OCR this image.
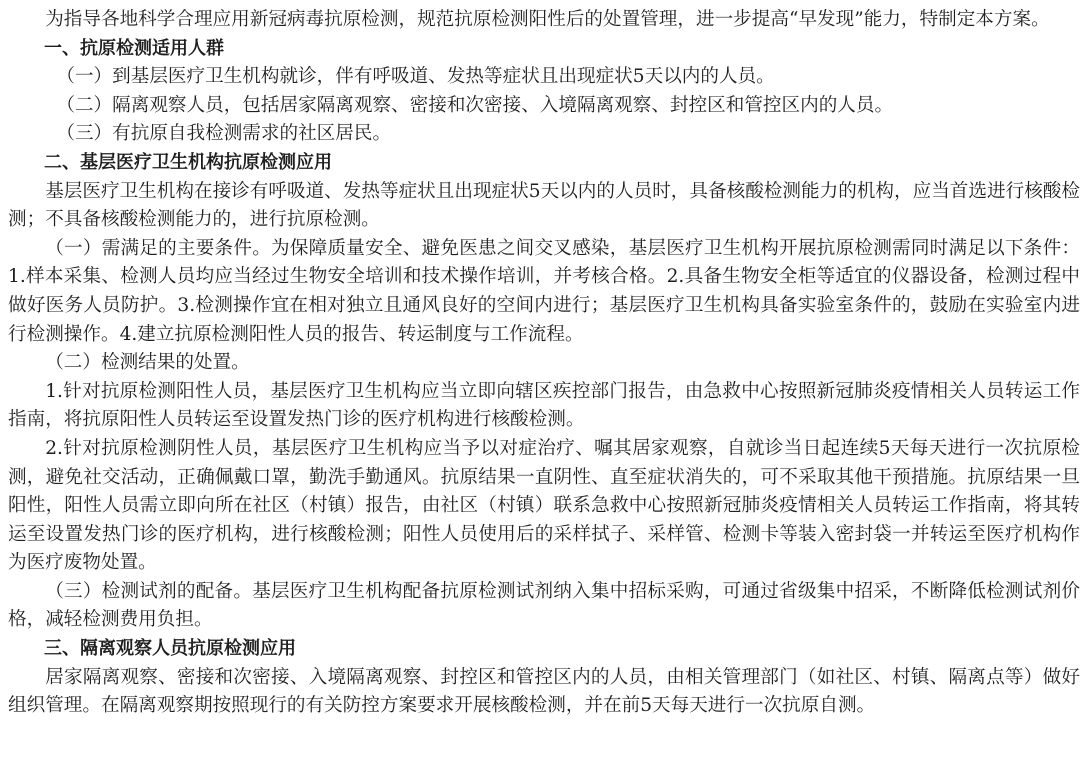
为指导各地科学合理应用新冠病毒抗原检测，规范抗原检测阳性后的处置管理，进一步提高“早发现”能力，特制定本方案。

一、抗原检测适用人群

（一）到基层医疗卫生机构就诊，伴有呼吸道、发热等症状且出现症状5天以内的人员。

（二）隔离观察人员，包括居家隔离观察、密接和次密接、入境隔离观察、封控区和管控区内的人员。

（三）有抗原自我检测需求的社区居民。

二、基层医疗卫生机构抗原检测应用

基层医疗卫生机构在接诊有呼吸道、发热等症状且出现症状5天以内的人员时，具备核酸检测能力的机构，应当首选进行核酸检测；不具备核酸检测能力的，进行抗原检测。

（一）需满足的主要条件。为保障质量安全、避免医患之间交叉感染，基层医疗卫生机构开展抗原检测需同时满足以下条件：1.样本采集、检测人员均应当经过生物安全培训和技术操作培训，并考核合格。2.具备生物安全柜等适宜的仪器设备，检测过程中做好医务人员防护。3.检测操作宜在相对独立且通风良好的空间内进行；基层医疗卫生机构具备实验室条件的，鼓励在实验室内进行检测操作。4.建立抗原检测阳性人员的报告、转运制度与工作流程。

（二）检测结果的处置。

1.针对抗原检测阳性人员，基层医疗卫生机构应当立即向辖区疾控部门报告，由急救中心按照新冠肺炎疫情相关人员转运工作指南，将抗原阳性人员转运至设置发热门诊的医疗机构进行核酸检测。

2.针对抗原检测阴性人员，基层医疗卫生机构应当予以对症治疗、嘱其居家观察，自就诊当日起连续5天每天进行一次抗原检测，避免社交活动，正确佩戴口罩，勤洗手勤通风。抗原结果一直阴性、直至症状消失的，可不采取其他干预措施。抗原结果一旦阳性，阳性人员需立即向所在社区（村镇）报告，由社区（村镇）联系急救中心按照新冠肺炎疫情相关人员转运工作指南，将其转运至设置发热门诊的医疗机构，进行核酸检测；阳性人员使用后的采样拭子、采样管、检测卡等装入密封袋一并转运至医疗机构作为医疗废物处置。

（三）检测试剂的配备。基层医疗卫生机构配备抗原检测试剂纳入集中招标采购，可通过省级集中招采，不断降低检测试剂价格，减轻检测费用负担。

三、隔离观察人员抗原检测应用

居家隔离观察、密接和次密接、入境隔离观察、封控区和管控区内的人员，由相关管理部门（如社区、村镇、隔离点等）做好组织管理。在隔离观察期按照现行的有关防控方案要求开展核酸检测，并在前5天每天进行一次抗原自测。
